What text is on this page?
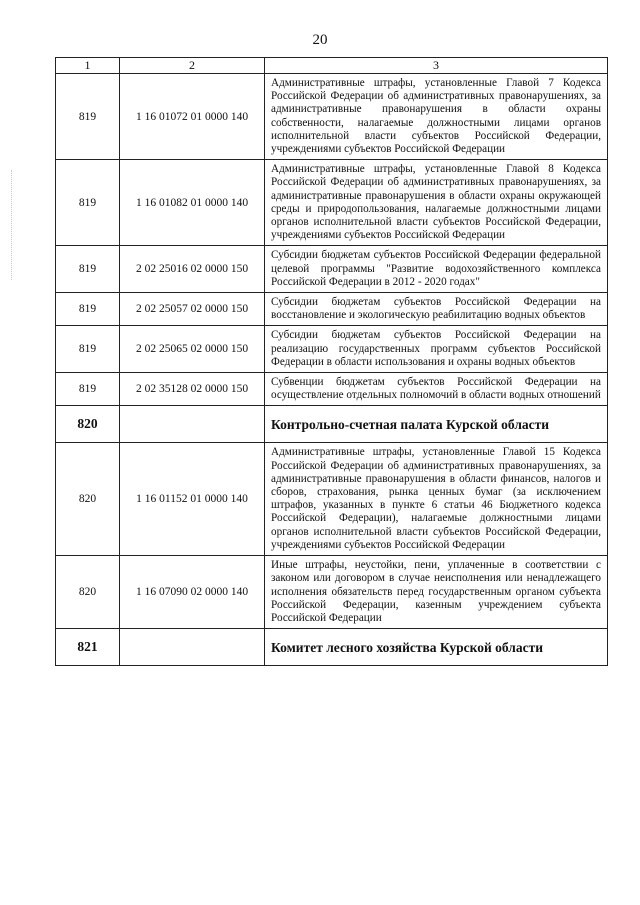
20
1	2	3
819	1 16 01072 01 0000 140	Административные штрафы, установленные Главой 7 Кодекса Российской Федерации об административных правонарушениях, за административные правонарушения в области охраны собственности, налагаемые должностными лицами органов исполнительной власти субъектов Российской Федерации, учреждениями субъектов Российской Федерации
819	1 16 01082 01 0000 140	Административные штрафы, установленные Главой 8 Кодекса Российской Федерации об административных правонарушениях, за административные правонарушения в области охраны окружающей среды и природопользования, налагаемые должностными лицами органов исполнительной власти субъектов Российской Федерации, учреждениями субъектов Российской Федерации
819	2 02 25016 02 0000 150	Субсидии бюджетам субъектов Российской Федерации федеральной целевой программы "Развитие водохозяйственного комплекса Российской Федерации в 2012 - 2020 годах"
819	2 02 25057 02 0000 150	Субсидии бюджетам субъектов Российской Федерации на восстановление и экологическую реабилитацию водных объектов
819	2 02 25065 02 0000 150	Субсидии бюджетам субъектов Российской Федерации на реализацию государственных программ субъектов Российской Федерации в области использования и охраны водных объектов
819	2 02 35128 02 0000 150	Субвенции бюджетам субъектов Российской Федерации на осуществление отдельных полномочий в области водных отношений
820		Контрольно-счетная палата Курской области
820	1 16 01152 01 0000 140	Административные штрафы, установленные Главой 15 Кодекса Российской Федерации об административных правонарушениях, за административные правонарушения в области финансов, налогов и сборов, страхования, рынка ценных бумаг (за исключением штрафов, указанных в пункте 6 статьи 46 Бюджетного кодекса Российской Федерации), налагаемые должностными лицами органов исполнительной власти субъектов Российской Федерации, учреждениями субъектов Российской Федерации
820	1 16 07090 02 0000 140	Иные штрафы, неустойки, пени, уплаченные в соответствии с законом или договором в случае неисполнения или ненадлежащего исполнения обязательств перед государственным органом субъекта Российской Федерации, казенным учреждением субъекта Российской Федерации
821		Комитет лесного хозяйства Курской области
